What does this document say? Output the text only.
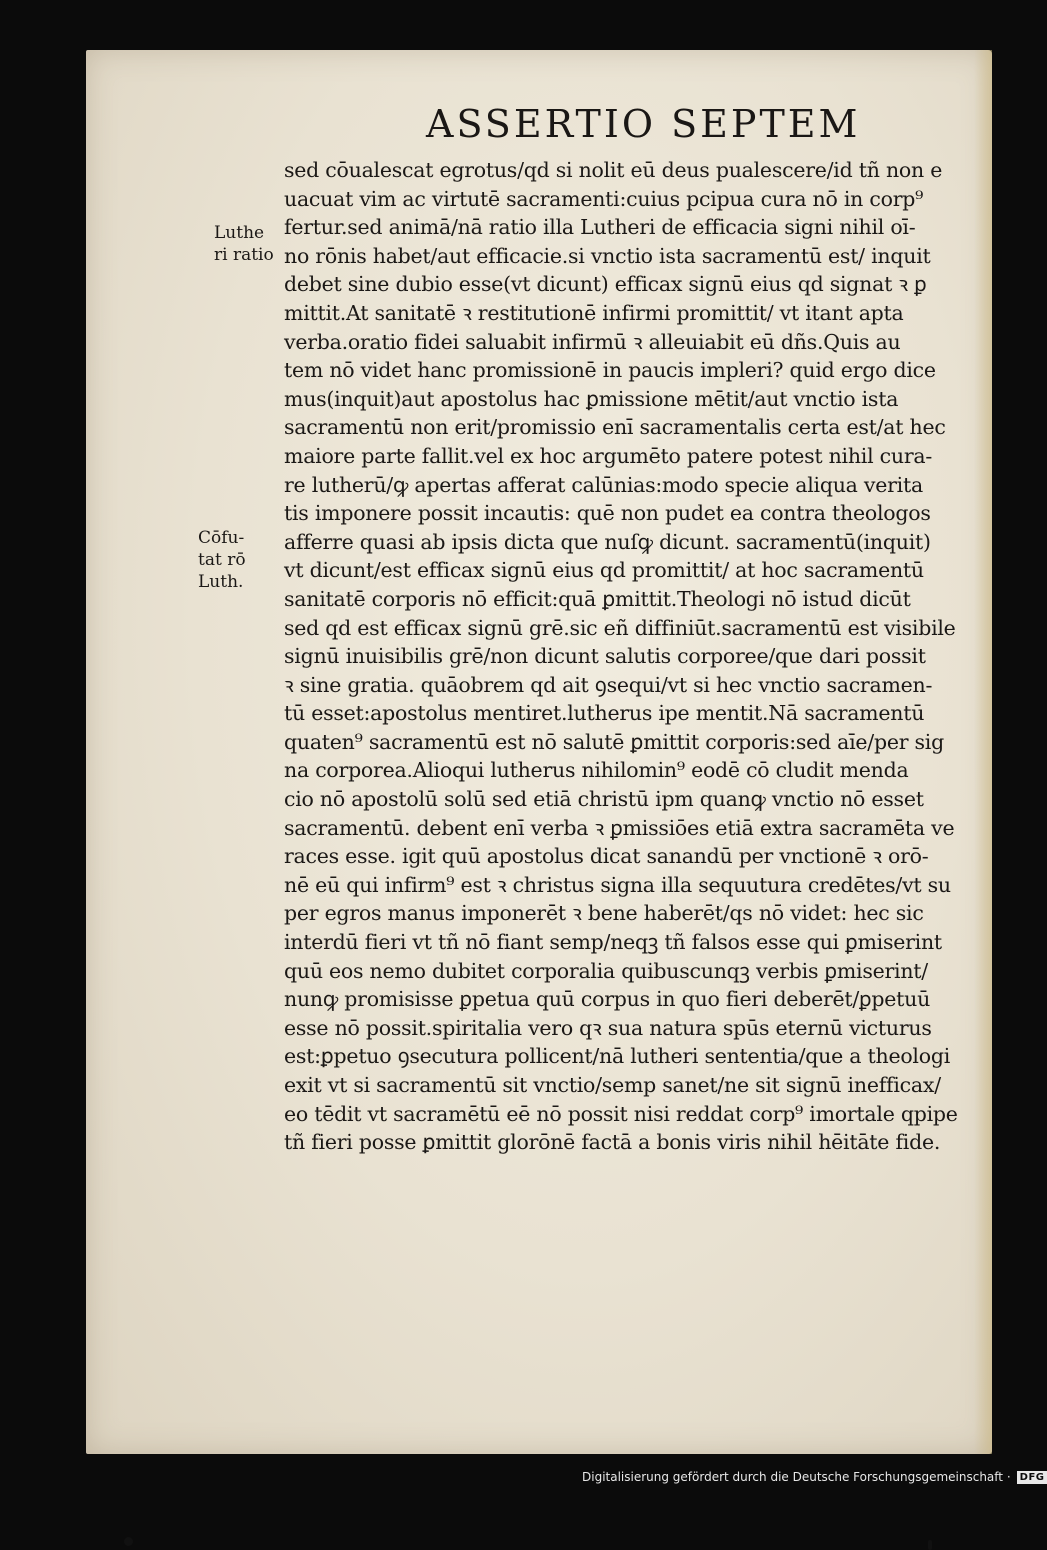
ASSERTIO SEPTEM
Luthe
ri ratio
Cōfu-
tat rō
Luth.
sed cōualescat egrotus/qd si nolit eū deus pualescere/id tñ non e
uacuat vim ac virtutē sacramenti:cuius pcipua cura nō in corp⁹
fertur.sed animā/nā ratio illa Lutheri de efficacia signi nihil oī-
no rōnis habet/aut efficacie.si vnctio ista sacramentū est/ inquit
debet sine dubio esse(vt dicunt) efficax signū eius qd signat ꝛ ꝑ
mittit.At sanitatē ꝛ restitutionē infirmi promittit/ vt itant apta
verba.oratio fidei saluabit infirmū ꝛ alleuiabit eū dñs.Quis au
tem nō videt hanc promissionē in paucis impleri? quid ergo dice
mus(inquit)aut apostolus hac ꝑmissione mētit/aut vnctio ista
sacramentū non erit/promissio enī sacramentalis certa est/at hec
maiore parte fallit.vel ex hoc argumēto patere potest nihil cura-
re lutherū/ꝙ apertas afferat calūnias:modo specie aliqua verita
tis imponere possit incautis: quē non pudet ea contra theologos
afferre quasi ab ipsis dicta que nuſꝙ dicunt. sacramentū(inquit)
vt dicunt/est efficax signū eius qd promittit/ at hoc sacramentū
sanitatē corporis nō efficit:quā ꝑmittit.Theologi nō istud dicūt
sed qd est efficax signū grē.sic eñ diffiniūt.sacramentū est visibile
signū inuisibilis grē/non dicunt salutis corporee/que dari possit
ꝛ sine gratia. quāobrem qd ait ꝯsequi/vt si hec vnctio sacramen-
tū esset:apostolus mentiret.lutherus ipe mentit.Nā sacramentū
quaten⁹ sacramentū est nō salutē ꝑmittit corporis:sed aīe/per sig
na corporea.Alioqui lutherus nihilomin⁹ eodē cō cludit menda
cio nō apostolū solū sed etiā christū ipm quanꝙ vnctio nō esset
sacramentū. debent enī verba ꝛ ꝑmissiōes etiā extra sacramēta ve
races esse. igit quū apostolus dicat sanandū per vnctionē ꝛ orō-
nē eū qui infirm⁹ est ꝛ christus signa illa sequutura credētes/vt su
per egros manus imponerēt ꝛ bene haberēt/qs nō videt: hec sic
interdū fieri vt tñ nō fiant semp/neqꝫ tñ falsos esse qui ꝑmiserint
quū eos nemo dubitet corporalia quibuscunqꝫ verbis ꝑmiserint/
nunꝙ promisisse ꝑpetua quū corpus in quo fieri deberēt/ꝑpetuū
esse nō possit.spiritalia vero qꝛ sua natura spūs eternū victurus
est:ꝑpetuo ꝯsecutura pollicent/nā lutheri sententia/que a theologi
exit vt si sacramentū sit vnctio/semp sanet/ne sit signū inefficax/
eo tēdit vt sacramētū eē nō possit nisi reddat corp⁹ imortale qpipe
tñ fieri posse ꝑmittit glorōnē factā a bonis viris nihil hēitāte fide.
Digitalisierung gefördert durch die Deutsche Forschungsgemeinschaft · DFG
